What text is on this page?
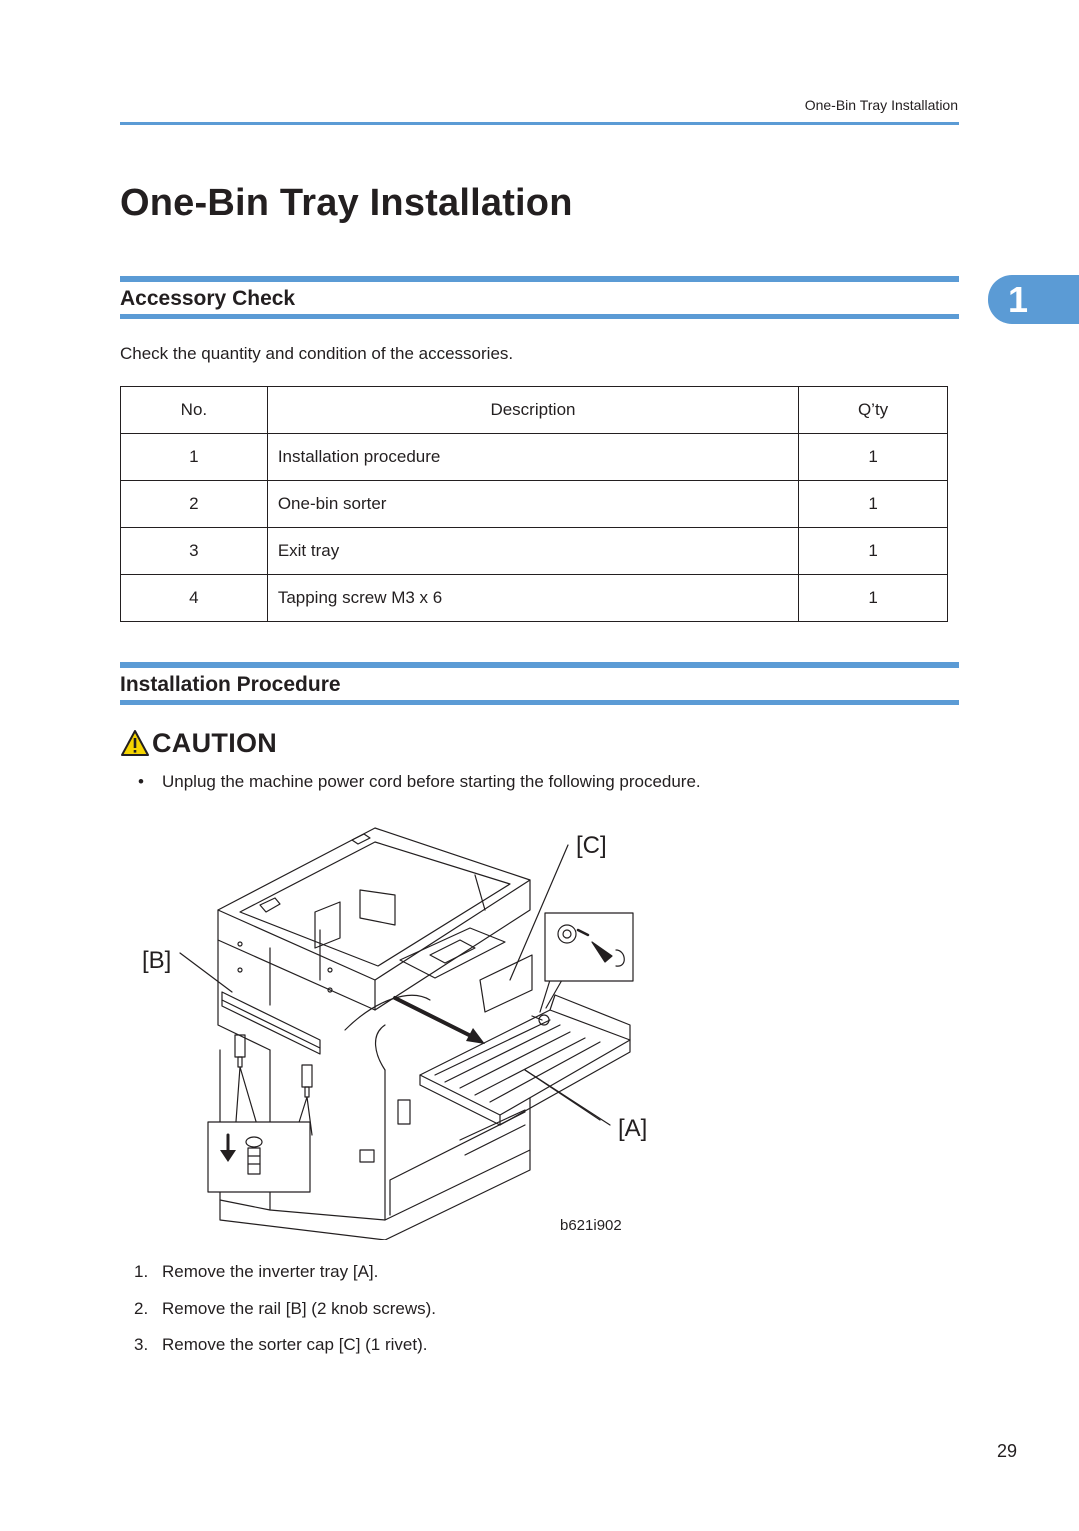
One-Bin Tray Installation
One-Bin Tray Installation
1
Accessory Check
Check the quantity and condition of the accessories.
No.	Description	Q’ty
1	Installation procedure	1
2	One-bin sorter	1
3	Exit tray	1
4	Tapping screw M3 x 6	1
Installation Procedure
CAUTION
• Unplug the machine power cord before starting the following procedure.
[C]
[B]
[A]
b621i902
1. Remove the inverter tray [A].
2. Remove the rail [B] (2 knob screws).
3. Remove the sorter cap [C] (1 rivet).
29
